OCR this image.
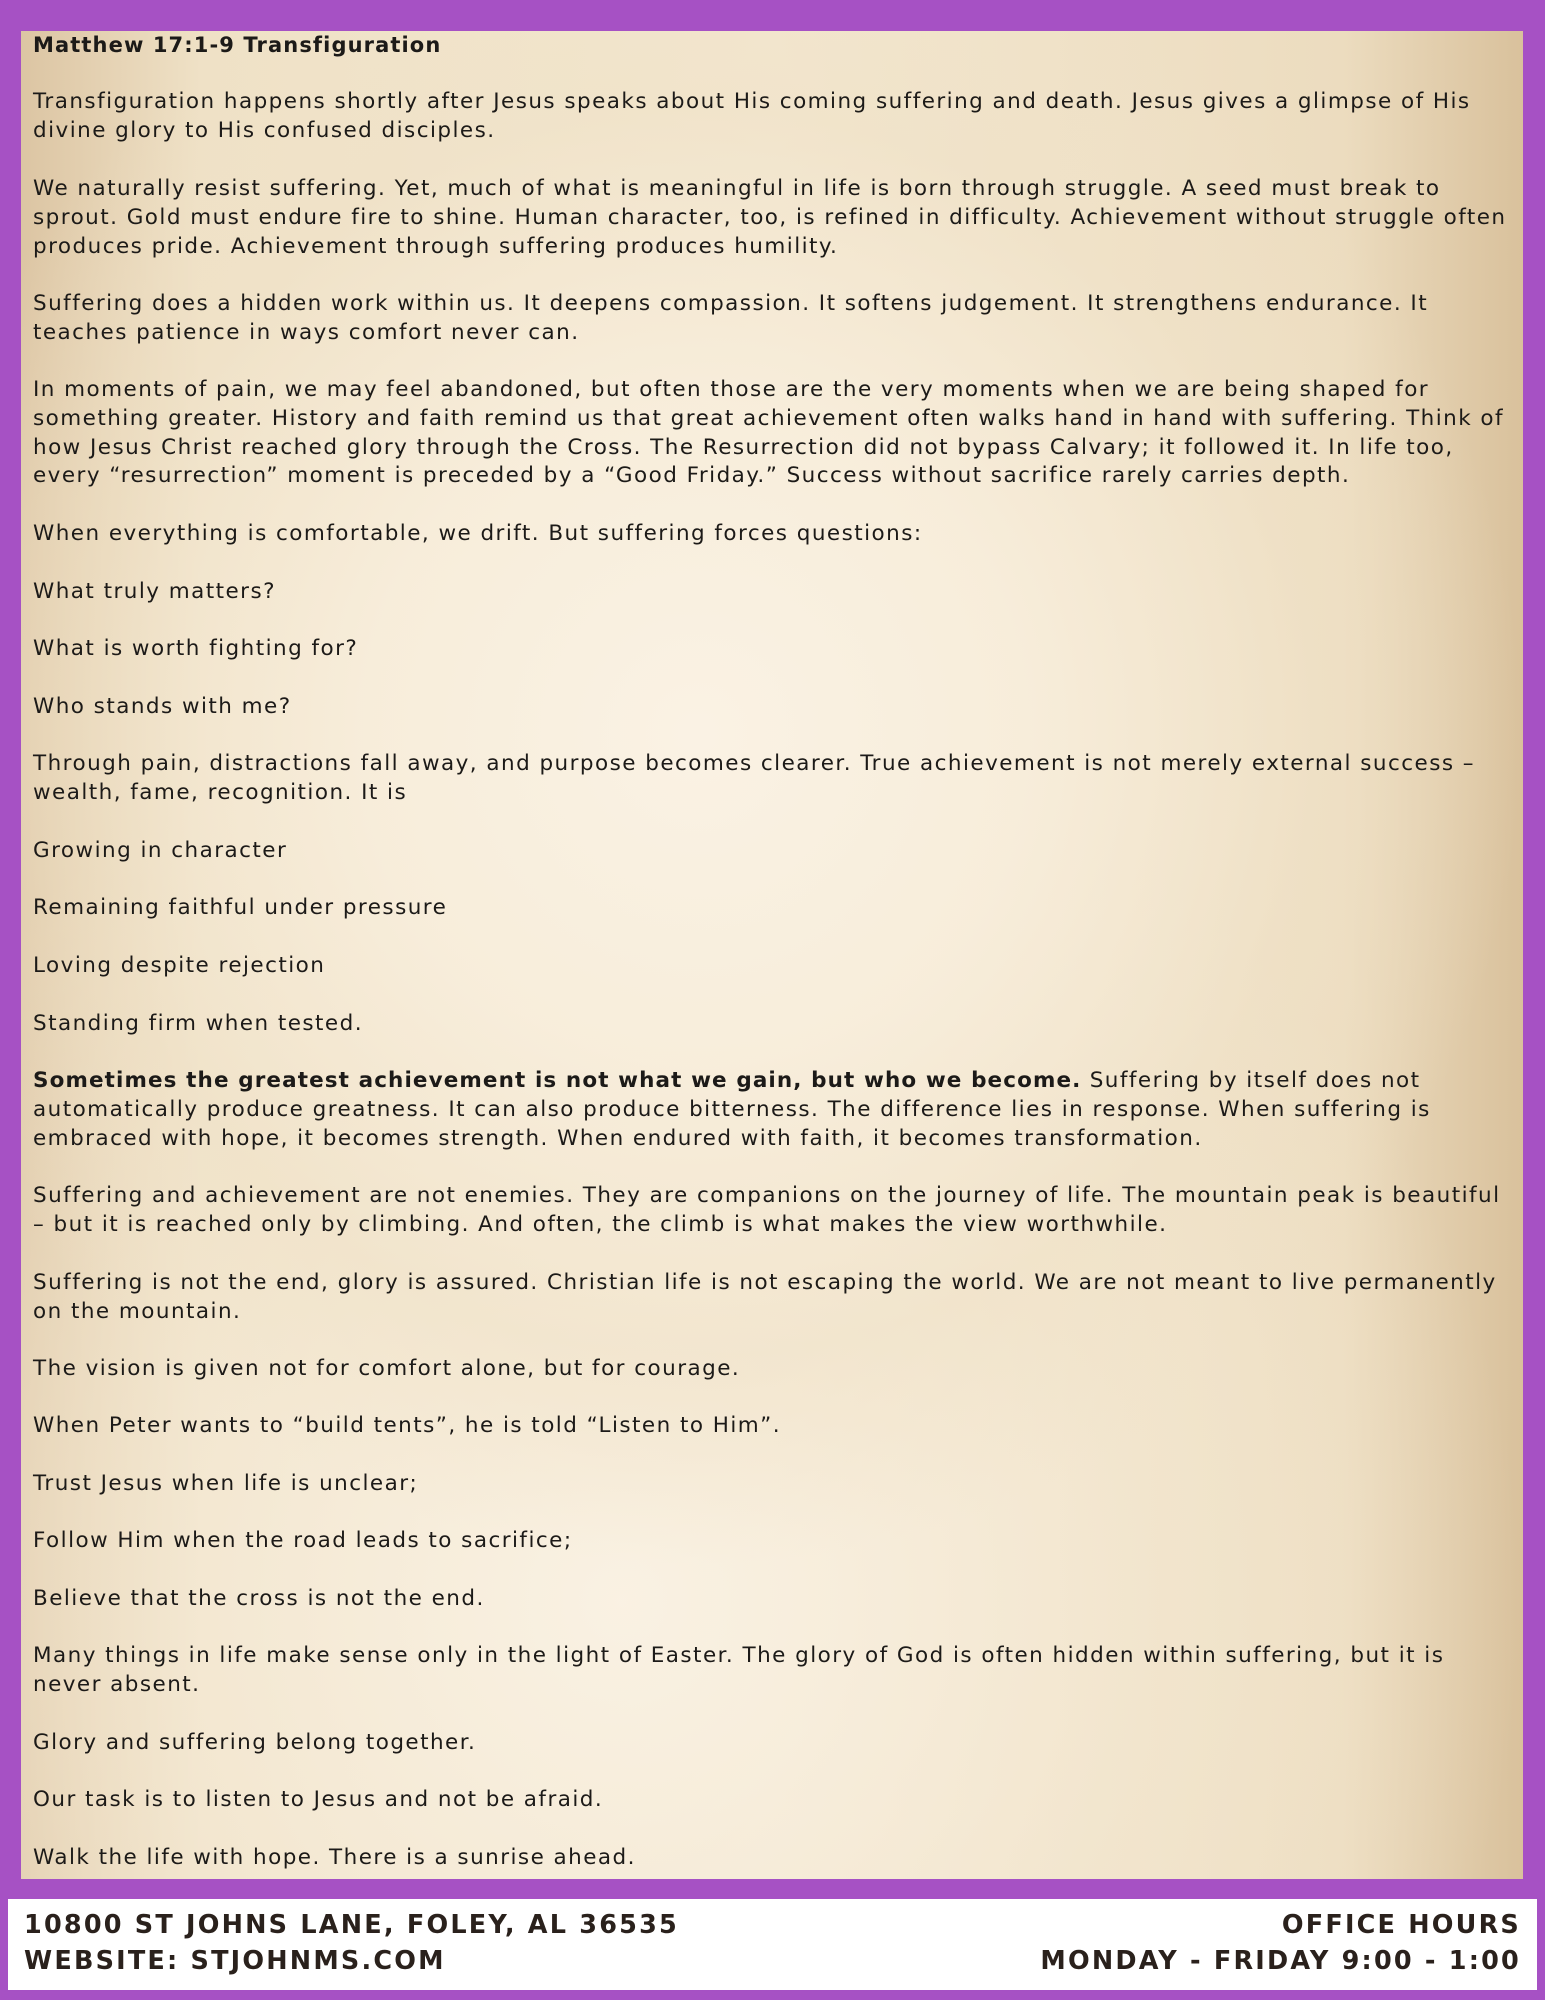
Matthew 17:1-9 Transfiguration

Transfiguration happens shortly after Jesus speaks about His coming suffering and death. Jesus gives a glimpse of His divine glory to His confused disciples.

We naturally resist suffering. Yet, much of what is meaningful in life is born through struggle. A seed must break to sprout. Gold must endure fire to shine. Human character, too, is refined in difficulty. Achievement without struggle often produces pride. Achievement through suffering produces humility.

Suffering does a hidden work within us. It deepens compassion. It softens judgement. It strengthens endurance. It teaches patience in ways comfort never can.

In moments of pain, we may feel abandoned, but often those are the very moments when we are being shaped for something greater. History and faith remind us that great achievement often walks hand in hand with suffering. Think of how Jesus Christ reached glory through the Cross. The Resurrection did not bypass Calvary; it followed it. In life too, every “resurrection” moment is preceded by a “Good Friday.” Success without sacrifice rarely carries depth.

When everything is comfortable, we drift. But suffering forces questions:

What truly matters?

What is worth fighting for?

Who stands with me?

Through pain, distractions fall away, and purpose becomes clearer. True achievement is not merely external success – wealth, fame, recognition. It is

Growing in character

Remaining faithful under pressure

Loving despite rejection

Standing firm when tested.

Sometimes the greatest achievement is not what we gain, but who we become. Suffering by itself does not automatically produce greatness. It can also produce bitterness. The difference lies in response. When suffering is embraced with hope, it becomes strength. When endured with faith, it becomes transformation.

Suffering and achievement are not enemies. They are companions on the journey of life. The mountain peak is beautiful – but it is reached only by climbing. And often, the climb is what makes the view worthwhile.

Suffering is not the end, glory is assured. Christian life is not escaping the world. We are not meant to live permanently on the mountain.

The vision is given not for comfort alone, but for courage.

When Peter wants to “build tents”, he is told “Listen to Him”.

Trust Jesus when life is unclear;

Follow Him when the road leads to sacrifice;

Believe that the cross is not the end.

Many things in life make sense only in the light of Easter. The glory of God is often hidden within suffering, but it is never absent.

Glory and suffering belong together.

Our task is to listen to Jesus and not be afraid.

Walk the life with hope. There is a sunrise ahead.

10800 ST JOHNS LANE, FOLEY, AL 36535
WEBSITE: STJOHNMS.COM
OFFICE HOURS
MONDAY - FRIDAY 9:00 - 1:00
